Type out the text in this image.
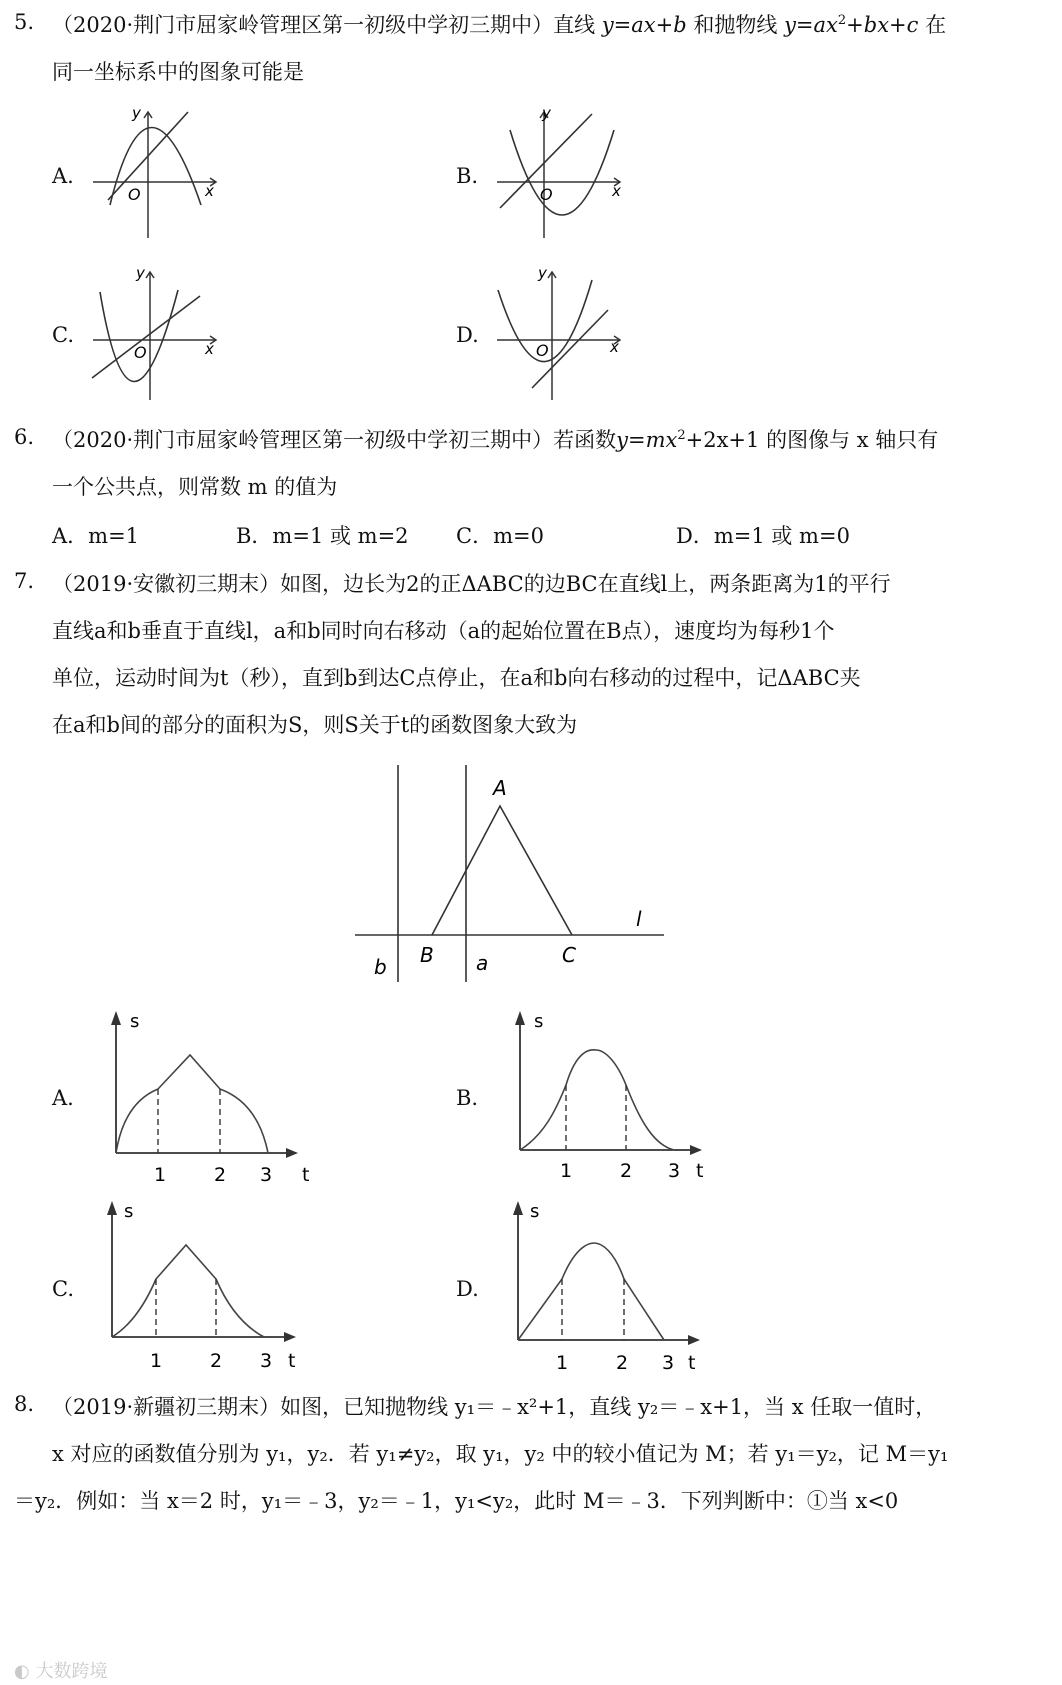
5. （2020·荆门市屈家岭管理区第一初级中学初三期中）直线 y=ax+b 和抛物线 $y=ax^2+bx+c$ 在
同一坐标系中的图象可能是
A.	B.
C.	D.
y
x
O
y
x
O
y
x
O
y
x
O
6. （2020·荆门市屈家岭管理区第一初级中学初三期中）若函数$y=mx^2+2x+1$ 的图像与 x 轴只有
一个公共点，则常数 m 的值为
A．m=1	B．m=1 或 m=2 C．m=0	D．m=1 或 m=0
7. （2019·安徽初三期末）如图，边长为2的正ΔABC的边BC在直线l上，两条距离为1的平行
直线a和b垂直于直线l，a和b同时向右移动（a的起始位置在B点），速度均为每秒1个
单位，运动时间为t（秒），直到b到达C点停止，在a和b向右移动的过程中，记ΔABC夹
在a和b间的部分的面积为S，则S关于t的函数图象大致为
A
B	C
l
a
b
A.	B.
C.	D.
s
1	2 3 t
s
1	2 3 t
s
1	2 3 t
s
1	2 3 t
8. （2019·新疆初三期末）如图，已知抛物线 y₁＝﹣x²+1，直线 y₂＝﹣x+1，当 x 任取一值时，
x 对应的函数值分别为 y₁，y₂．若 y₁≠y₂，取 y₁，y₂ 中的较小值记为 M；若 y₁＝y₂，记 M＝y₁
＝y₂．例如：当 x＝2 时，y₁＝﹣3，y₂＝﹣1，y₁<y₂，此时 M＝﹣3．下列判断中：①当 x<0
◐ 大数跨境
